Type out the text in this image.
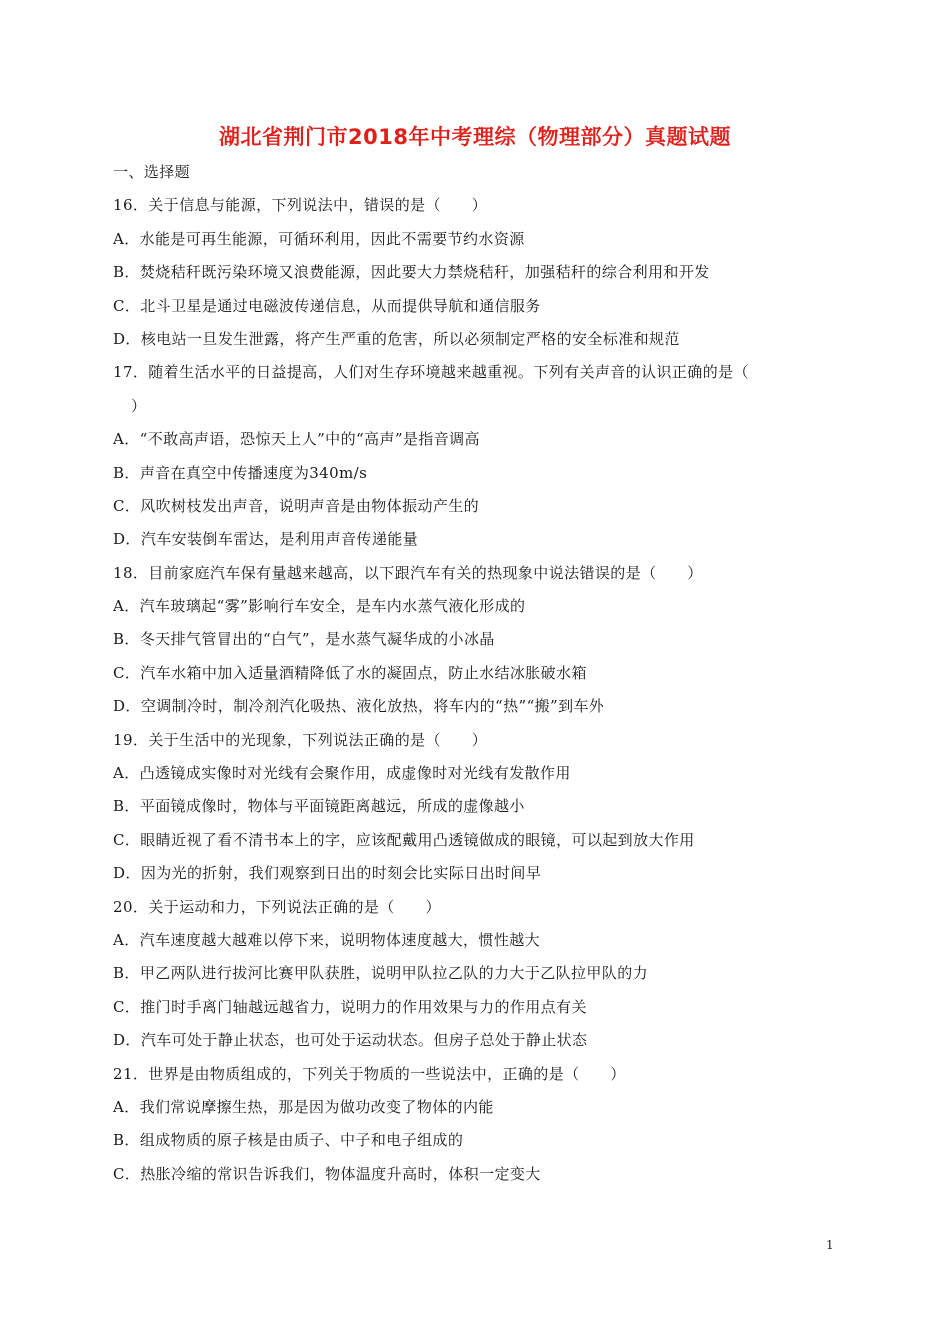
湖北省荆门市2018年中考理综（物理部分）真题试题
一、选择题
16．关于信息与能源，下列说法中，错误的是（　　）
A．水能是可再生能源，可循环利用，因此不需要节约水资源
B．焚烧秸秆既污染环境又浪费能源，因此要大力禁烧秸秆，加强秸秆的综合利用和开发
C．北斗卫星是通过电磁波传递信息，从而提供导航和通信服务
D．核电站一旦发生泄露，将产生严重的危害，所以必须制定严格的安全标准和规范
17．随着生活水平的日益提高，人们对生存环境越来越重视。下列有关声音的认识正确的是（
）
A．“不敢高声语，恐惊天上人”中的“高声”是指音调高
B．声音在真空中传播速度为340m/s
C．风吹树枝发出声音，说明声音是由物体振动产生的
D．汽车安装倒车雷达，是利用声音传递能量
18．目前家庭汽车保有量越来越高，以下跟汽车有关的热现象中说法错误的是（　　）
A．汽车玻璃起“雾”影响行车安全，是车内水蒸气液化形成的
B．冬天排气管冒出的“白气”，是水蒸气凝华成的小冰晶
C．汽车水箱中加入适量酒精降低了水的凝固点，防止水结冰胀破水箱
D．空调制冷时，制冷剂汽化吸热、液化放热，将车内的“热”“搬”到车外
19．关于生活中的光现象，下列说法正确的是（　　）
A．凸透镜成实像时对光线有会聚作用，成虚像时对光线有发散作用
B．平面镜成像时，物体与平面镜距离越远，所成的虚像越小
C．眼睛近视了看不清书本上的字，应该配戴用凸透镜做成的眼镜，可以起到放大作用
D．因为光的折射，我们观察到日出的时刻会比实际日出时间早
20．关于运动和力，下列说法正确的是（　　）
A．汽车速度越大越难以停下来，说明物体速度越大，惯性越大
B．甲乙两队进行拔河比赛甲队获胜，说明甲队拉乙队的力大于乙队拉甲队的力
C．推门时手离门轴越远越省力，说明力的作用效果与力的作用点有关
D．汽车可处于静止状态，也可处于运动状态。但房子总处于静止状态
21．世界是由物质组成的，下列关于物质的一些说法中，正确的是（　　）
A．我们常说摩擦生热，那是因为做功改变了物体的内能
B．组成物质的原子核是由质子、中子和电子组成的
C．热胀冷缩的常识告诉我们，物体温度升高时，体积一定变大
1
